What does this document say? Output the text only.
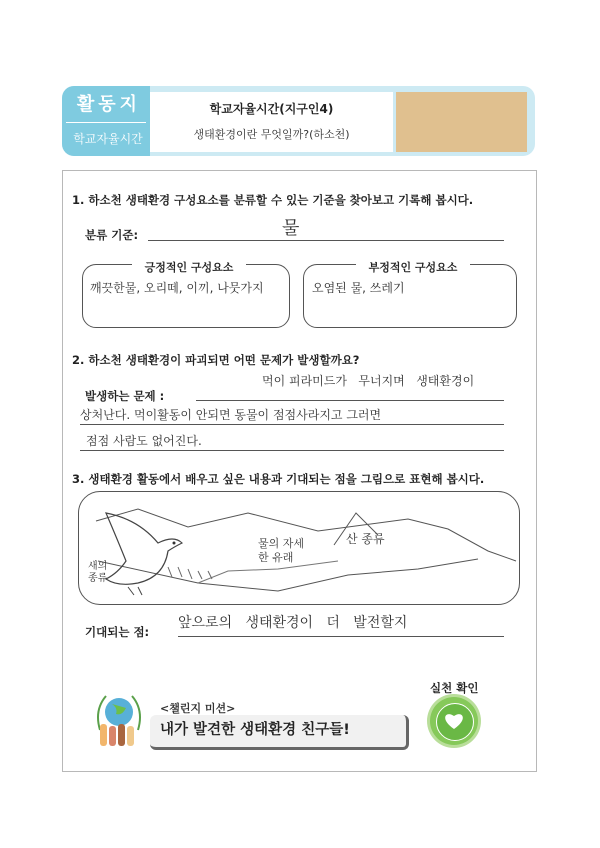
활동지
학교자율시간
학교자율시간(지구인4)
생태환경이란 무엇일까?(하소천)
1. 하소천 생태환경 구성요소를 분류할 수 있는 기준을 찾아보고 기록해 봅시다.
분류 기준:	물
긍정적인 구성요소
깨끗한물, 오리떼, 이끼, 나뭇가지
부정적인 구성요소
오염된 물, 쓰레기
2. 하소천 생태환경이 파괴되면 어떤 문제가 발생할까요?
발생하는 문제 :
먹이 피라미드가   무너지며   생태환경이
상처난다. 먹이활동이 안되면 동물이 점점사라지고 그러면
점점 사람도 없어진다.
3. 생태환경 활동에서 배우고 싶은 내용과 기대되는 점을 그림으로 표현해 봅시다.
새의 종류
물의 자세한 유래
산 종류
기대되는 점:
앞으로의   생태환경이   더   발전할지
<챌린지 미션>
내가 발견한 생태환경 친구들!
실천 확인
